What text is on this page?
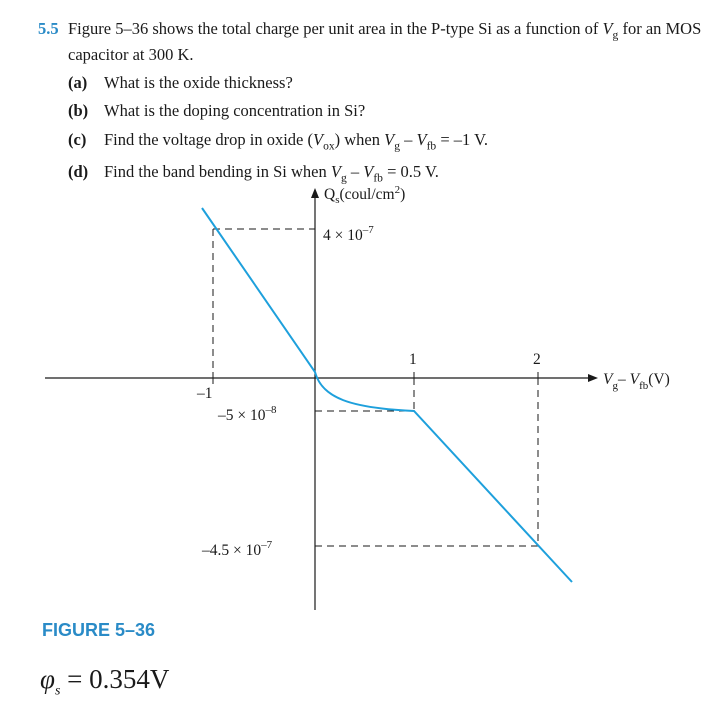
5.5 Figure 5–36 shows the total charge per unit area in the P-type Si as a function of $V_g$ for an MOS capacitor at 300 K.
(a)	What is the oxide thickness?
(b) What is the doping concentration in Si?
(c)	Find the voltage drop in oxide $(V_{ox})$ when $V_g - V_{fb} = -1$ V.
(d) Find the band bending in Si when $V_g - V_{fb} = 0.5$ V.
$Q_s(coul/cm^2)$
$V_g-$ $V_{fb}(V)$
–1
1	2
$4 \times 10^{-7}$
$-5 \times 10^{-8}$
$-4.5 \times 10^{-7}$
FIGURE 5–36
$\varphi_s = 0.354V$
